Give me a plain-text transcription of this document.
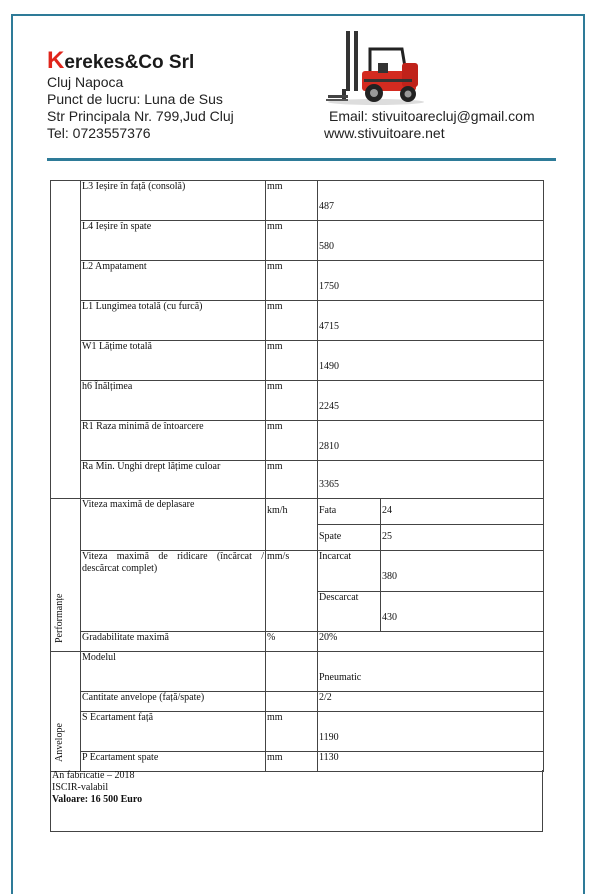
Kerekes&Co Srl
Cluj Napoca
Punct de lucru: Luna de Sus
Str Principala Nr. 799,Jud Cluj
Tel: 0723557376
Email: stivuitoarecluj@gmail.com
www.stivuitoare.net
	L3 Ieșire în față (consolă)	mm	487	

	L4 Ieșire în spate	mm	580	

	L2 Ampatament	mm	1750	

	L1 Lungimea totală (cu furcă)	mm	4715	

	W1 Lățime totală	mm	1490	

	h6 Înălțimea	mm	2245	

	R1 Raza minimă de întoarcere	mm	2810	

	Ra Min. Unghi drept lățime culoar	mm	3365	

Performanțe	Viteza maximă de deplasare	km/h	Fata	24
			Spate	25
	Viteza maximă de ridicare (încărcat / descărcat complet)	mm/s	Incarcat	380

			Descarcat	430

	Gradabilitate maximă	%	20%	

Anvelope	Modelul		Pneumatic	

	Cantitate anvelope (față/spate)		2/2	
	S Ecartament față	mm	1190	

	P Ecartament spate	mm	1130	
An fabricatie – 2018
ISCIR-valabil
Valoare: 16 500 Euro
